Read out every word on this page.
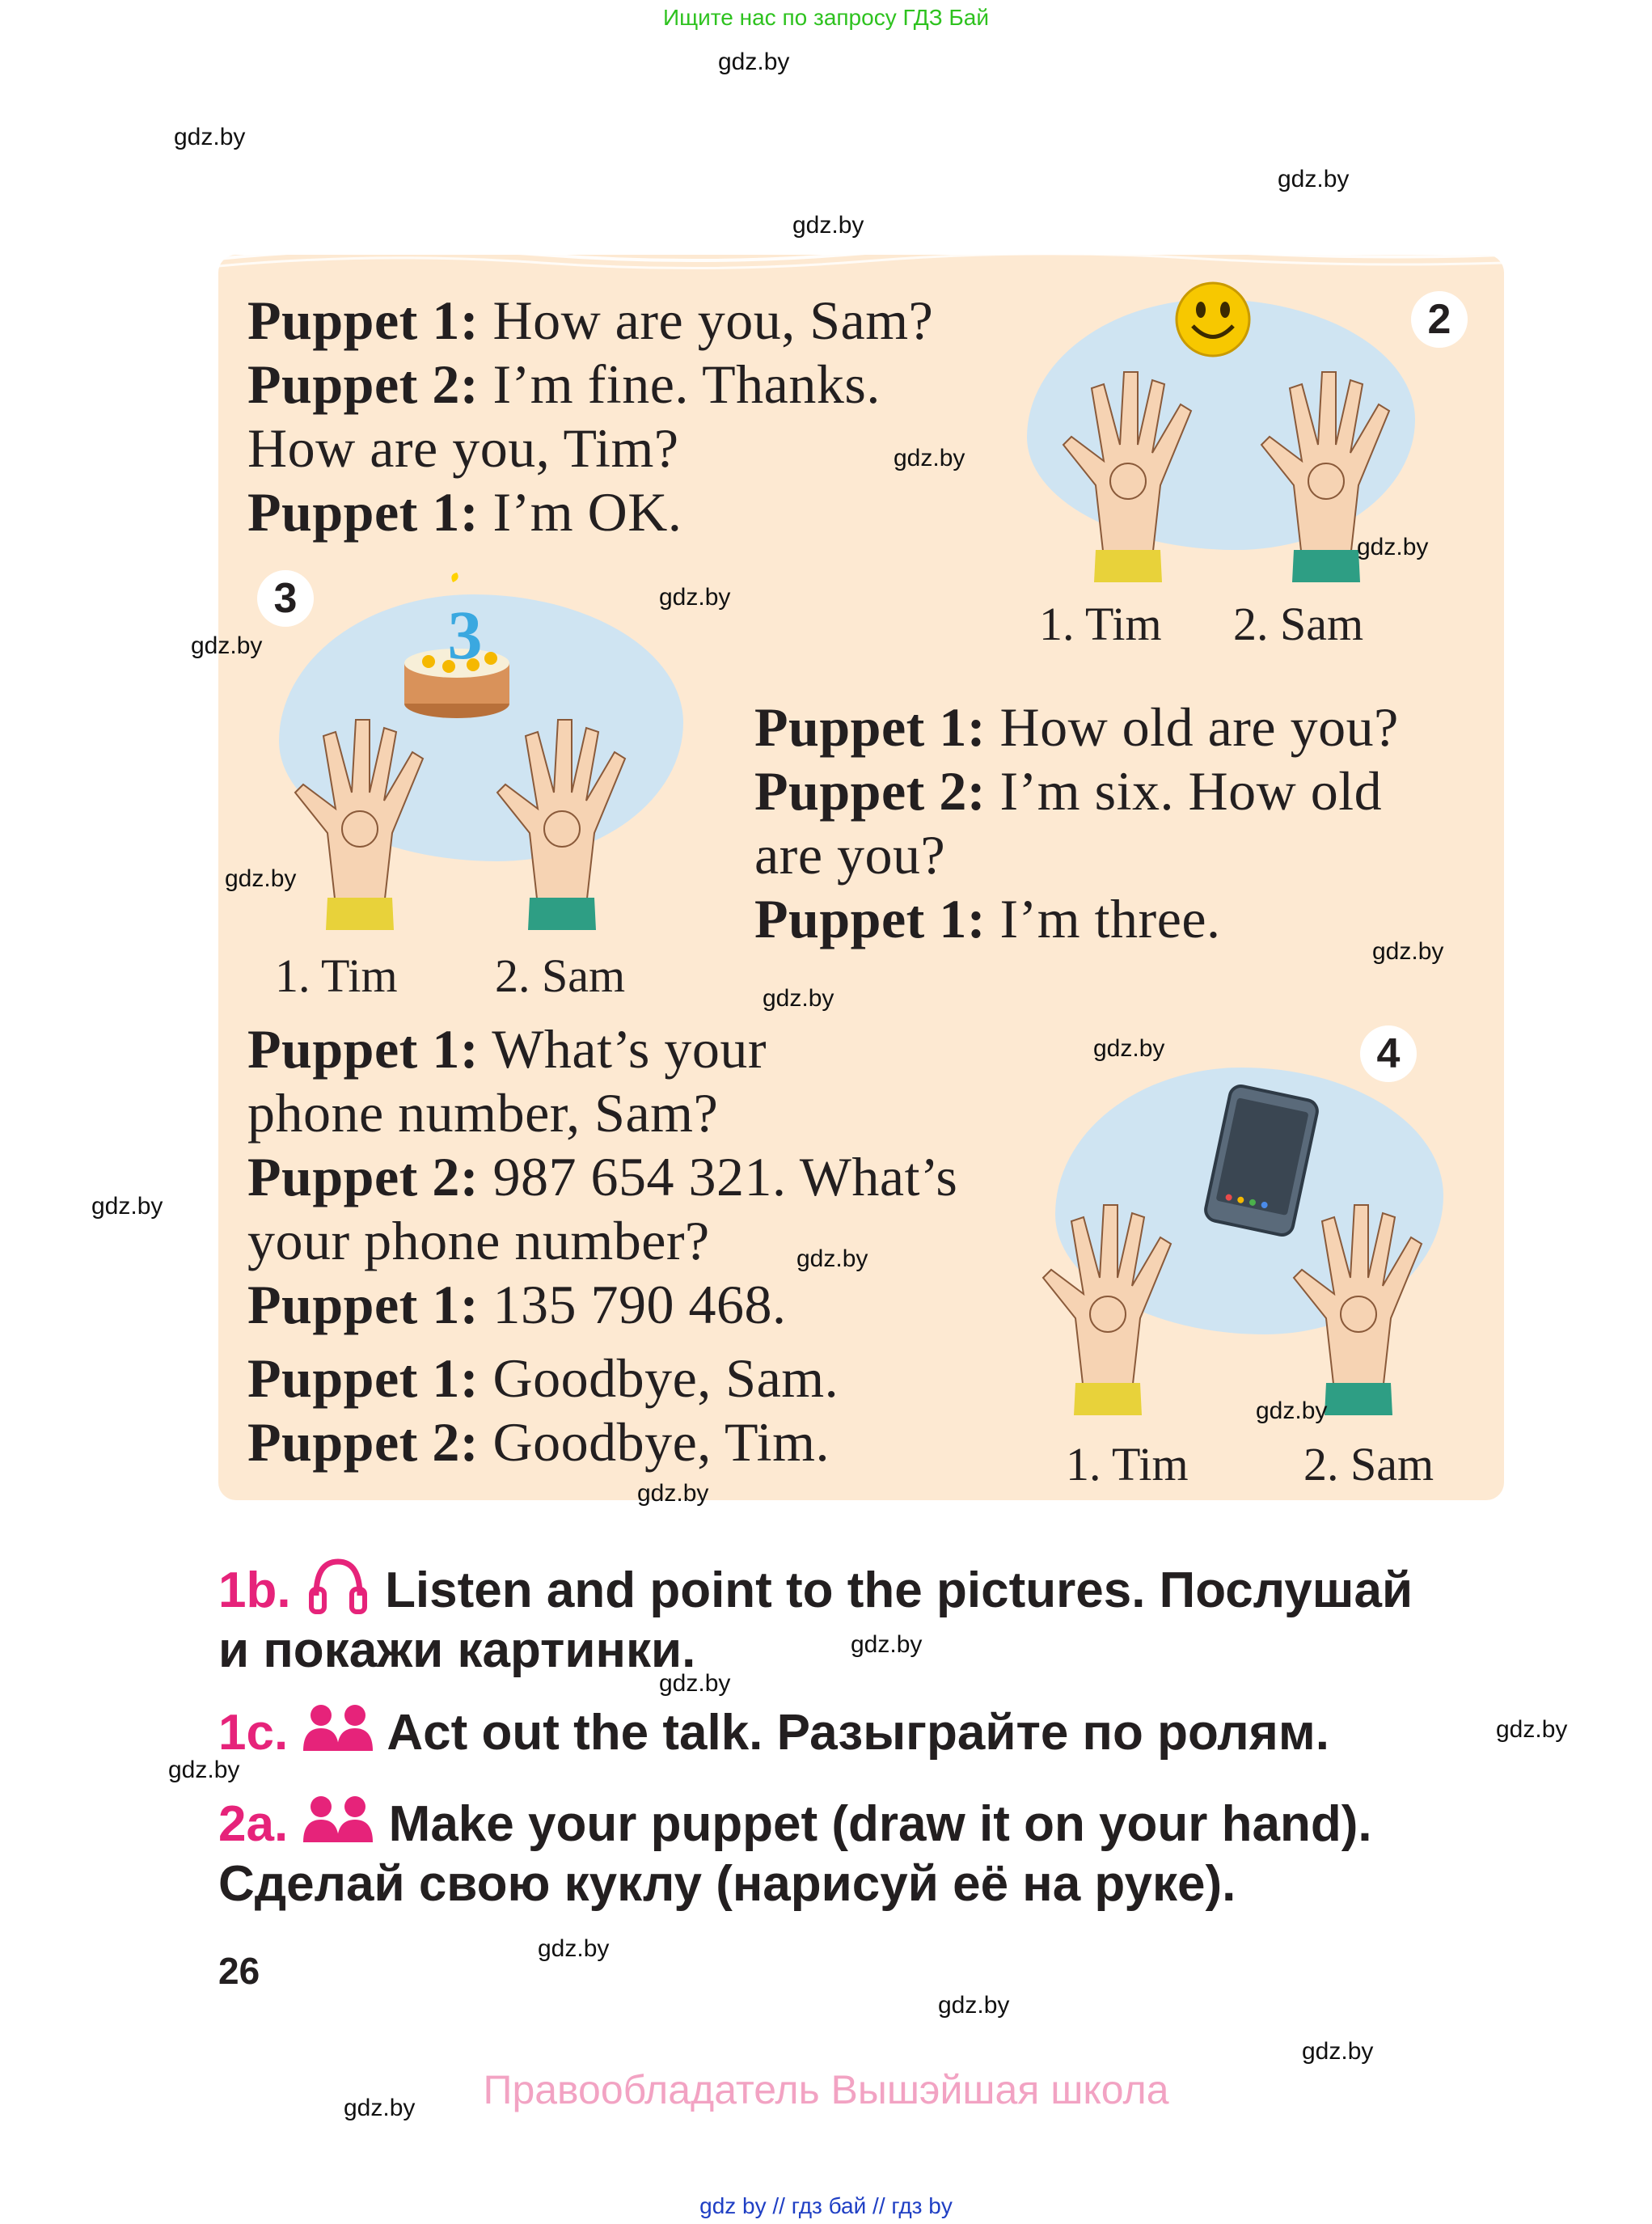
Ищите нас по запросу ГДЗ Бай
gdz.by
gdz.by
gdz.by
gdz.by
Puppet 1: How are you, Sam?
Puppet 2: I’m fine. Thanks.
How are you, Tim?
Puppet 1: I’m OK.
gdz.by
2
gdz.by
1. Tim 2. Sam
3	gdz.by
gdz.by	3
gdz.by
1. Tim 2. Sam
Puppet 1: How old are you?
Puppet 2: I’m six. How old
are you?
Puppet 1: I’m three.
gdz.by
gdz.by
Puppet 1: What’s your
phone number, Sam?
Puppet 2: 987 654 321. What’s
your phone number?
Puppet 1: 135 790 468.
Puppet 1: Goodbye, Sam.
Puppet 2: Goodbye, Tim.
gdz.by
gdz.by
gdz.by	4
gdz.by
1. Tim 2. Sam
gdz.by
1b.  Listen and point to the pictures. Послушай
и покажи картинки.	gdz.by
gdz.by
1c.  Act out the talk. Разыграйте по ролям.	gdz.by
gdz.by
2a.  Make your puppet (draw it on your hand).
Сделай свою куклу (нарисуй её на руке).
26
gdz.by
gdz.by
gdz.by
gdz.by	Правообладатель Вышэйшая школа
gdz by // гдз бай // гдз by
